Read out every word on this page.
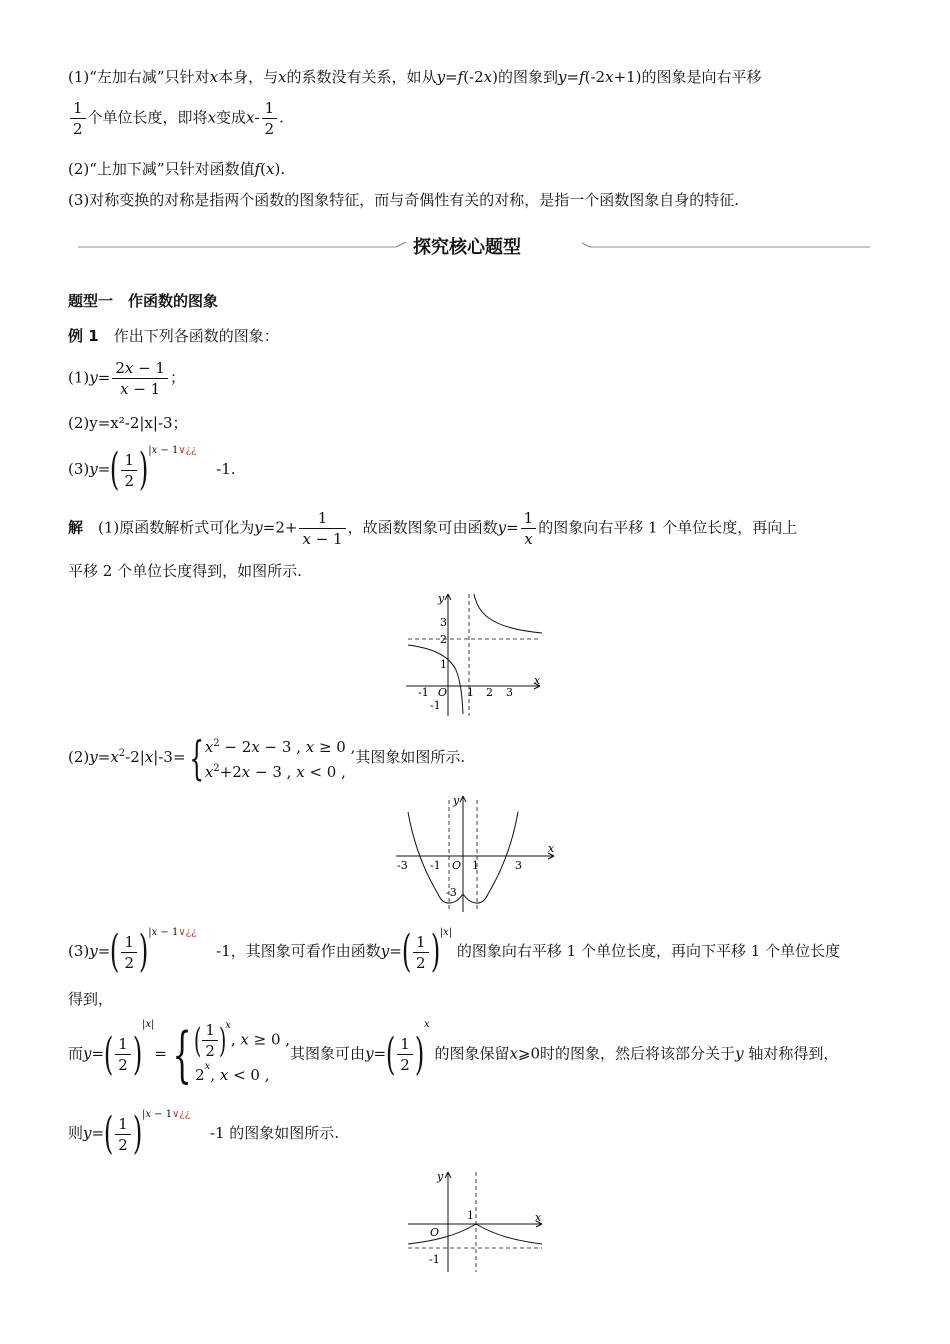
(1)“左加右减”只针对x本身，与x的系数没有关系，如从y=f(-2x)的图象到y=f(-2x+1)的图象是向右平移
$\frac{1}{2}$ 个单位长度，即将x变成$x- \frac{1}{2}$ .
(2)“上加下减”只针对函数值f(x).
(3)对称变换的对称是指两个函数的图象特征，而与奇偶性有关的对称，是指一个函数图象自身的特征.
探究核心题型
题型一　作函数的图象
例 1　 作出下列各函数的图象：
$(1)y= \frac{2x - 1}{x - 1}$ ；
(2)y=x²-2|x|-3；
$(3)y=( \frac{1}{2} )^{|x - 1\vee¿¿}$　 -1.
解　 (1)原函数解析式可化为$y=2+ \frac{1}{x - 1}$ ，故函数图象可由函数$y= \frac{1}{x}$ 的图象向右平移 1 个单位长度，再向上
平移 2 个单位长度得到，如图所示.
y
x
-1 O 1 2 3
3
2
1
-1
$(2)y=x^2-2|x|-3=${ $x^2 - 2x - 3$ , x ≥ 0 ,
$x^2+2x - 3$ , x < 0 ,
其图象如图所示.
y
x
-3 -1 O 1	3
-3
$(3)y=( \frac{1}{2} )^{|x - 1\vee¿¿}$　 -1，其图象可看作由函数$y=( \frac{1}{2} )^{|x|}$ 的图象向右平移 1 个单位长度，再向下平移 1 个单位长度
得到，
而$y=( \frac{1}{2} )^{|x|}=${ ( $\frac{1}{2} )^x$, x ≥ 0 ,
2$^x$, x < 0 ,
其图象可由$y=( \frac{1}{2} )^x$ 的图象保留x⩾0时的图象，然后将该部分关于y 轴对称得到，
则$y=( \frac{1}{2} )^{|x - 1\vee¿¿}$　 -1 的图象如图所示.
y
x
O
1
-1
